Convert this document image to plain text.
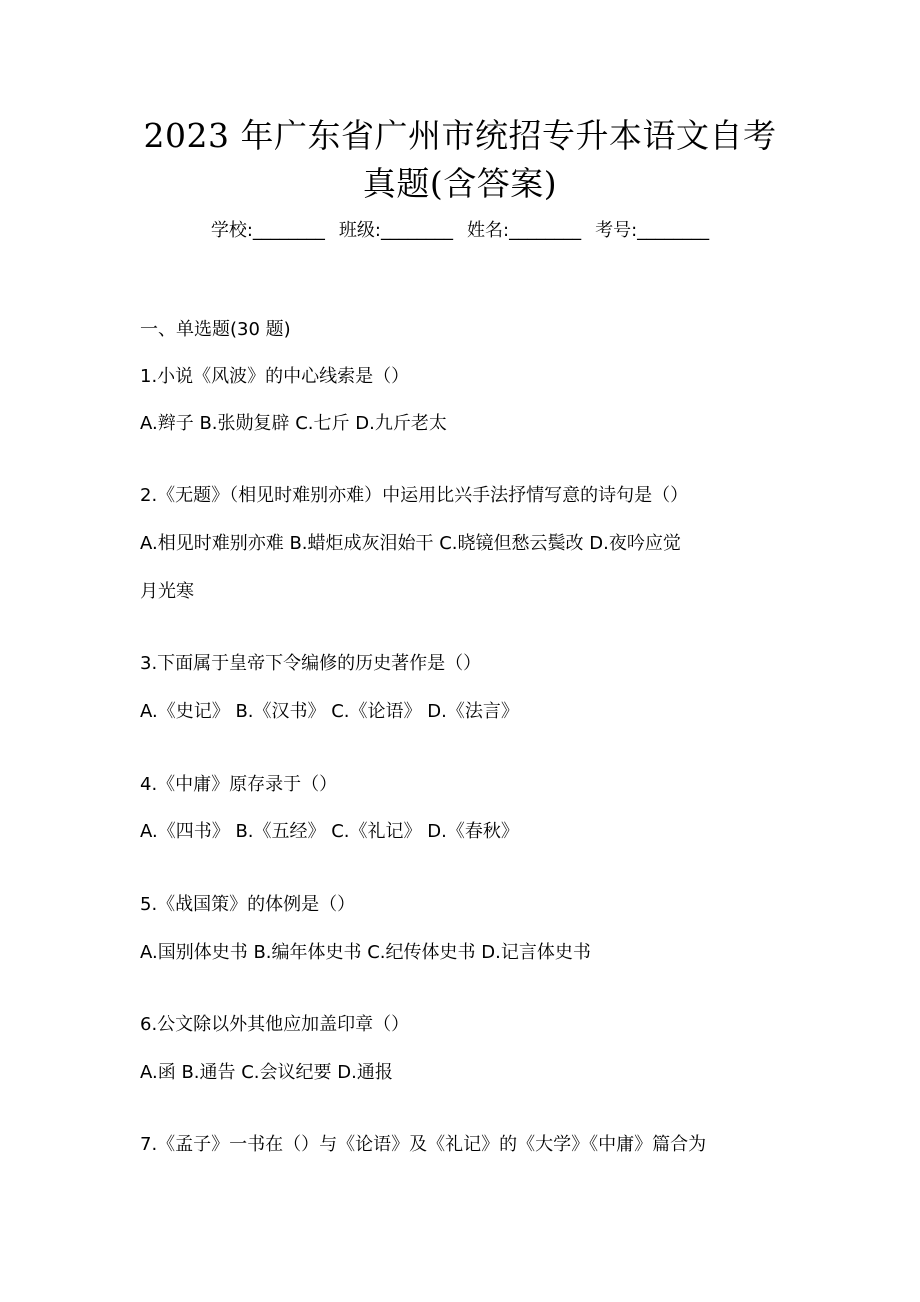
2023 年广东省广州市统招专升本语文自考
真题(含答案)
学校:________ 班级:________ 姓名:________ 考号:________
一、单选题(30 题)
1.小说《风波》的中心线索是（）
A.辫子 B.张勋复辟 C.七斤 D.九斤老太
2.《无题》（相见时难别亦难）中运用比兴手法抒情写意的诗句是（）
A.相见时难别亦难 B.蜡炬成灰泪始干 C.晓镜但愁云鬓改 D.夜吟应觉
月光寒
3.下面属于皇帝下令编修的历史著作是（）
A.《史记》 B.《汉书》 C.《论语》 D.《法言》
4.《中庸》原存录于（）
A.《四书》 B.《五经》 C.《礼记》 D.《春秋》
5.《战国策》的体例是（）
A.国别体史书 B.编年体史书 C.纪传体史书 D.记言体史书
6.公文除以外其他应加盖印章（）
A.函 B.通告 C.会议纪要 D.通报
7.《孟子》一书在（）与《论语》及《礼记》的《大学》《中庸》篇合为
